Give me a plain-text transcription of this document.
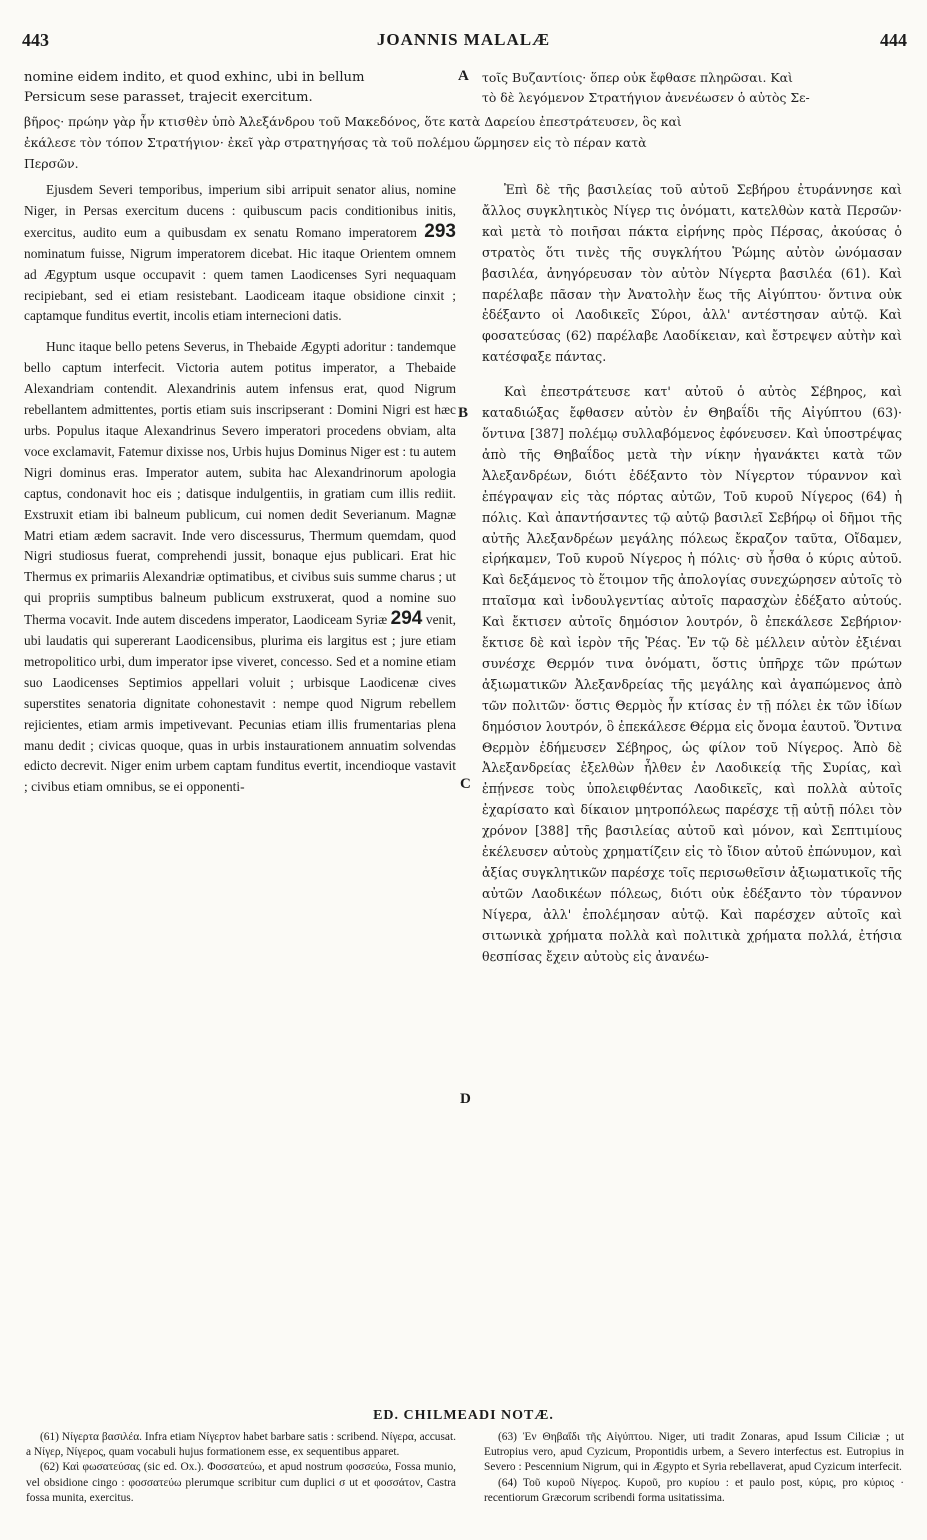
443	JOANNIS MALALÆ	444
nomine eidem indito, et quod exhinc, ubi in bellum
Persicum sese parasset, trajecit exercitum.
A τοῖς Βυζαντίοις· ὅπερ οὐκ ἔφθασε πληρῶσαι. Καὶ
τὸ δὲ λεγόμενον Στρατήγιον ἀνενέωσεν ὁ αὐτὸς Σε-
βῆρος· πρώην γὰρ ἦν κτισθὲν ὑπὸ Ἀλεξάνδρου τοῦ Μακεδόνος, ὅτε κατὰ Δαρείου ἐπεστράτευσεν, ὃς καὶ
ἐκάλεσε τὸν τόπον Στρατήγιον· ἐκεῖ γὰρ στρατηγήσας τὰ τοῦ πολέμου ὥρμησεν εἰς τὸ πέραν κατὰ
Περσῶν.

Ejusdem Severi temporibus, imperium sibi arripuit senator alius, nomine Niger, in Persas exercitum ducens : quibuscum pacis conditionibus initis, exercitus, audito eum a quibusdam ex senatu Romano imperatorem 293 nominatum fuisse, Nigrum imperatorem dicebat. Hic itaque Orientem omnem ad Ægyptum usque occupavit : quem tamen Laodicenses Syri nequaquam recipiebant, sed ei etiam resistebant. Laodiceam itaque obsidione cinxit ; captamque funditus evertit, incolis etiam internecioni datis.

Hunc itaque bello petens Severus, in Thebaide Ægypti adoritur : tandemque bello captum interfecit. Victoria autem potitus imperator, a Thebaide Alexandriam contendit. Alexandrinis autem infensus erat, quod Nigrum rebellantem admittentes, portis etiam suis inscripserant : Domini Nigri est hæc urbs. Populus itaque Alexandrinus Severo imperatori procedens obviam, alta voce exclamavit, Fatemur dixisse nos, Urbis hujus Dominus Niger est : tu autem Nigri dominus eras. Imperator autem, subita hac Alexandrinorum apologia captus, condonavit hoc eis ; datisque indulgentiis, in gratiam cum illis rediit. Exstruxit etiam ibi balneum publicum, cui nomen dedit Severianum. Magnæ Matri etiam ædem sacravit. Inde vero discessurus, Thermum quemdam, quod Nigri studiosus fuerat, comprehendi jussit, bonaque ejus publicari. Erat hic Thermus ex primariis Alexandriæ optimatibus, et civibus suis summe charus ; ut qui propriis sumptibus balneum publicum exstruxerat, quod a nomine suo Therma vocavit. Inde autem discedens imperator, Laodiceam Syriæ 294 venit, ubi laudatis qui supererant Laodicensibus, plurima eis largitus est ; jure etiam metropolitico urbi, dum imperator ipse viveret, concesso. Sed et a nomine etiam suo Laodicenses Septimios appellari voluit ; urbisque Laodicenæ cives superstites senatoria dignitate cohonestavit : nempe quod Nigrum rebellem rejicientes, etiam armis impetivevant. Pecunias etiam illis frumentarias plena manu dedit ; civicas quoque, quas in urbis instaurationem annuatim solvendas edicto decrevit. Niger enim urbem captam funditus evertit, incendioque vastavit ; civibus etiam omnibus, se ei opponenti-

B
C
D

Ἐπὶ δὲ τῆς βασιλείας τοῦ αὐτοῦ Σεβήρου ἐτυράννησε καὶ ἄλλος συγκλητικὸς Νίγερ τις ὀνόματι, κατελθὼν κατὰ Περσῶν· καὶ μετὰ τὸ ποιῆσαι πάκτα εἰρήνης πρὸς Πέρσας, ἀκούσας ὁ στρατὸς ὅτι τινὲς τῆς συγκλήτου Ῥώμης αὐτὸν ὠνόμασαν βασιλέα, ἀνηγόρευσαν τὸν αὐτὸν Νίγερτα βασιλέα (61). Καὶ παρέλαβε πᾶσαν τὴν Ἀνατολὴν ἕως τῆς Αἰγύπτου· ὅντινα οὐκ ἐδέξαντο οἱ Λαοδικεῖς Σύροι, ἀλλ' αντέστησαν αὐτῷ. Καὶ φοσατεύσας (62) παρέλαβε Λαοδίκειαν, καὶ ἔστρεψεν αὐτὴν καὶ κατέσφαξε πάντας.

Καὶ ἐπεστράτευσε κατ' αὐτοῦ ὁ αὐτὸς Σέβηρος, καὶ καταδιώξας ἔφθασεν αὐτὸν ἐν Θηβαΐδι τῆς Αἰγύπτου (63)· ὅντινα [387] πολέμῳ συλλαβόμενος ἐφόνευσεν. Καὶ ὑποστρέψας ἀπὸ τῆς Θηβαΐδος μετὰ τὴν νίκην ἠγανάκτει κατὰ τῶν Ἀλεξανδρέων, διότι ἐδέξαντο τὸν Νίγερτον τύραννον καὶ ἐπέγραψαν εἰς τὰς πόρτας αὐτῶν, Τοῦ κυροῦ Νίγερος (64) ἡ πόλις. Καὶ ἀπαντήσαντες τῷ αὐτῷ βασιλεῖ Σεβήρῳ οἱ δῆμοι τῆς αὐτῆς Ἀλεξανδρέων μεγάλης πόλεως ἔκραζον ταῦτα, Οἴδαμεν, εἰρήκαμεν, Τοῦ κυροῦ Νίγερος ἡ πόλις· σὺ ἦσθα ὁ κύρις αὐτοῦ. Καὶ δεξάμενος τὸ ἕτοιμον τῆς ἀπολογίας συνεχώρησεν αὐτοῖς τὸ πταῖσμα καὶ ἰνδουλγεντίας αὐτοῖς παρασχὼν ἐδέξατο αὐτούς. Καὶ ἔκτισεν αὐτοῖς δημόσιον λουτρόν, ὃ ἐπεκάλεσε Σεβήριον· ἔκτισε δὲ καὶ ἱερὸν τῆς Ῥέας. Ἐν τῷ δὲ μέλλειν αὐτὸν ἐξιέναι συνέσχε Θερμόν τινα ὀνόματι, ὅστις ὑπῆρχε τῶν πρώτων ἀξιωματικῶν Ἀλεξανδρείας τῆς μεγάλης καὶ ἀγαπώμενος ἀπὸ τῶν πολιτῶν· ὅστις Θερμὸς ἦν κτίσας ἐν τῇ πόλει ἐκ τῶν ἰδίων δημόσιον λουτρόν, ὃ ἐπεκάλεσε Θέρμα εἰς ὄνομα ἑαυτοῦ. Ὅντινα Θερμὸν ἐδήμευσεν Σέβηρος, ὡς φίλον τοῦ Νίγερος. Ἀπὸ δὲ Ἀλεξανδρείας ἐξελθὼν ἦλθεν ἐν Λαοδικείᾳ τῆς Συρίας, καὶ ἐπῄνεσε τοὺς ὑπολειφθέντας Λαοδικεῖς, καὶ πολλὰ αὐτοῖς ἐχαρίσατο καὶ δίκαιον μητροπόλεως παρέσχε τῇ αὐτῇ πόλει τὸν χρόνον [388] τῆς βασιλείας αὐτοῦ καὶ μόνον, καὶ Σεπτιμίους ἐκέλευσεν αὐτοὺς χρηματίζειν εἰς τὸ ἴδιον αὐτοῦ ἐπώνυμον, καὶ ἀξίας συγκλητικῶν παρέσχε τοῖς περισωθεῖσιν ἀξιωματικοῖς τῆς αὐτῶν Λαοδικέων πόλεως, διότι οὐκ ἐδέξαντο τὸν τύραννον Νίγερα, ἀλλ' ἐπολέμησαν αὐτῷ. Καὶ παρέσχεν αὐτοῖς καὶ σιτωνικὰ χρήματα πολλὰ καὶ πολιτικὰ χρήματα πολλά, ἐτήσια θεσπίσας ἔχειν αὐτοὺς εἰς ἀνανέω-

ED. CHILMEADI NOTÆ.

(61) Νίγερτα βασιλέα. Infra etiam Νίγερτον habet barbare satis : scribend. Νίγερα, accusat. a Νίγερ, Νίγερος, quam vocabuli hujus formationem esse, ex sequentibus apparet.

(62) Καὶ φωσατεύσας (sic ed. Ox.). Φοσσατεύω, et apud nostrum φοσσεύω, Fossa munio, vel obsidione cingo : φοσσατεύω plerumque scribitur cum duplici σ ut et φοσσάτον, Castra fossa munita, exercitus.

(63) Ἐν Θηβαΐδι τῆς Αἰγύπτου. Niger, uti tradit Zonaras, apud Issum Ciliciæ ; ut Eutropius vero, apud Cyzicum, Propontidis urbem, a Severo interfectus est. Eutropius in Severo : Pescennium Nigrum, qui in Ægypto et Syria rebellaverat, apud Cyzicum interfecit.

(64) Τοῦ κυροῦ Νίγερος. Κυροῦ, pro κυρίου : et paulo post, κύρις, pro κύριος · recentiorum Græcorum scribendi forma usitatissima.
